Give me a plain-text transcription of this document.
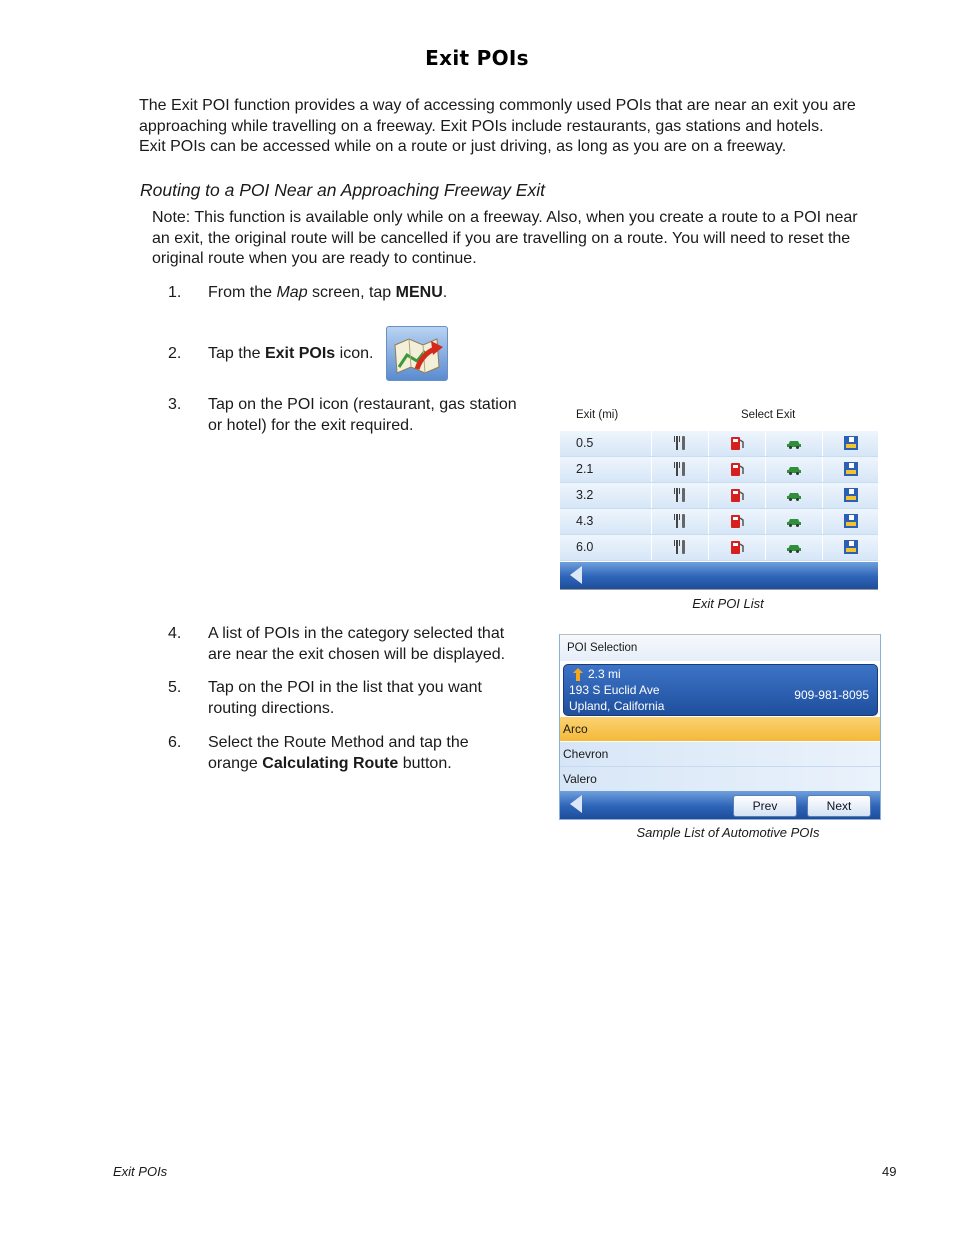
Exit POIs
The Exit POI function provides a way of accessing commonly used POIs that are near an exit you are
approaching while travelling on a freeway. Exit POIs include restaurants, gas stations and hotels.
Exit POIs can be accessed while on a route or just driving, as long as you are on a freeway.
Routing to a POI Near an Approaching Freeway Exit
Note: This function is available only while on a freeway. Also, when you create a route to a POI near
an exit, the original route will be cancelled if you are travelling on a route. You will need to reset the
original route when you are ready to continue.
1. From the Map screen, tap MENU.
2. Tap the Exit POIs icon.
3. Tap on the POI icon (restaurant, gas station
or hotel) for the exit required.
Exit (mi)	Select Exit
0.5
2.1
3.2
4.3
6.0
Exit POI List
4. A list of POIs in the category selected that
are near the exit chosen will be displayed.
5. Tap on the POI in the list that you want
routing directions.
6. Select the Route Method and tap the
orange Calculating Route button.
POI Selection
2.3 mi
193 S Euclid Ave
Upland, California
909-981-8095
Arco
Chevron
Valero
Prev	Next
Sample List of Automotive POIs
Exit POIs	49
